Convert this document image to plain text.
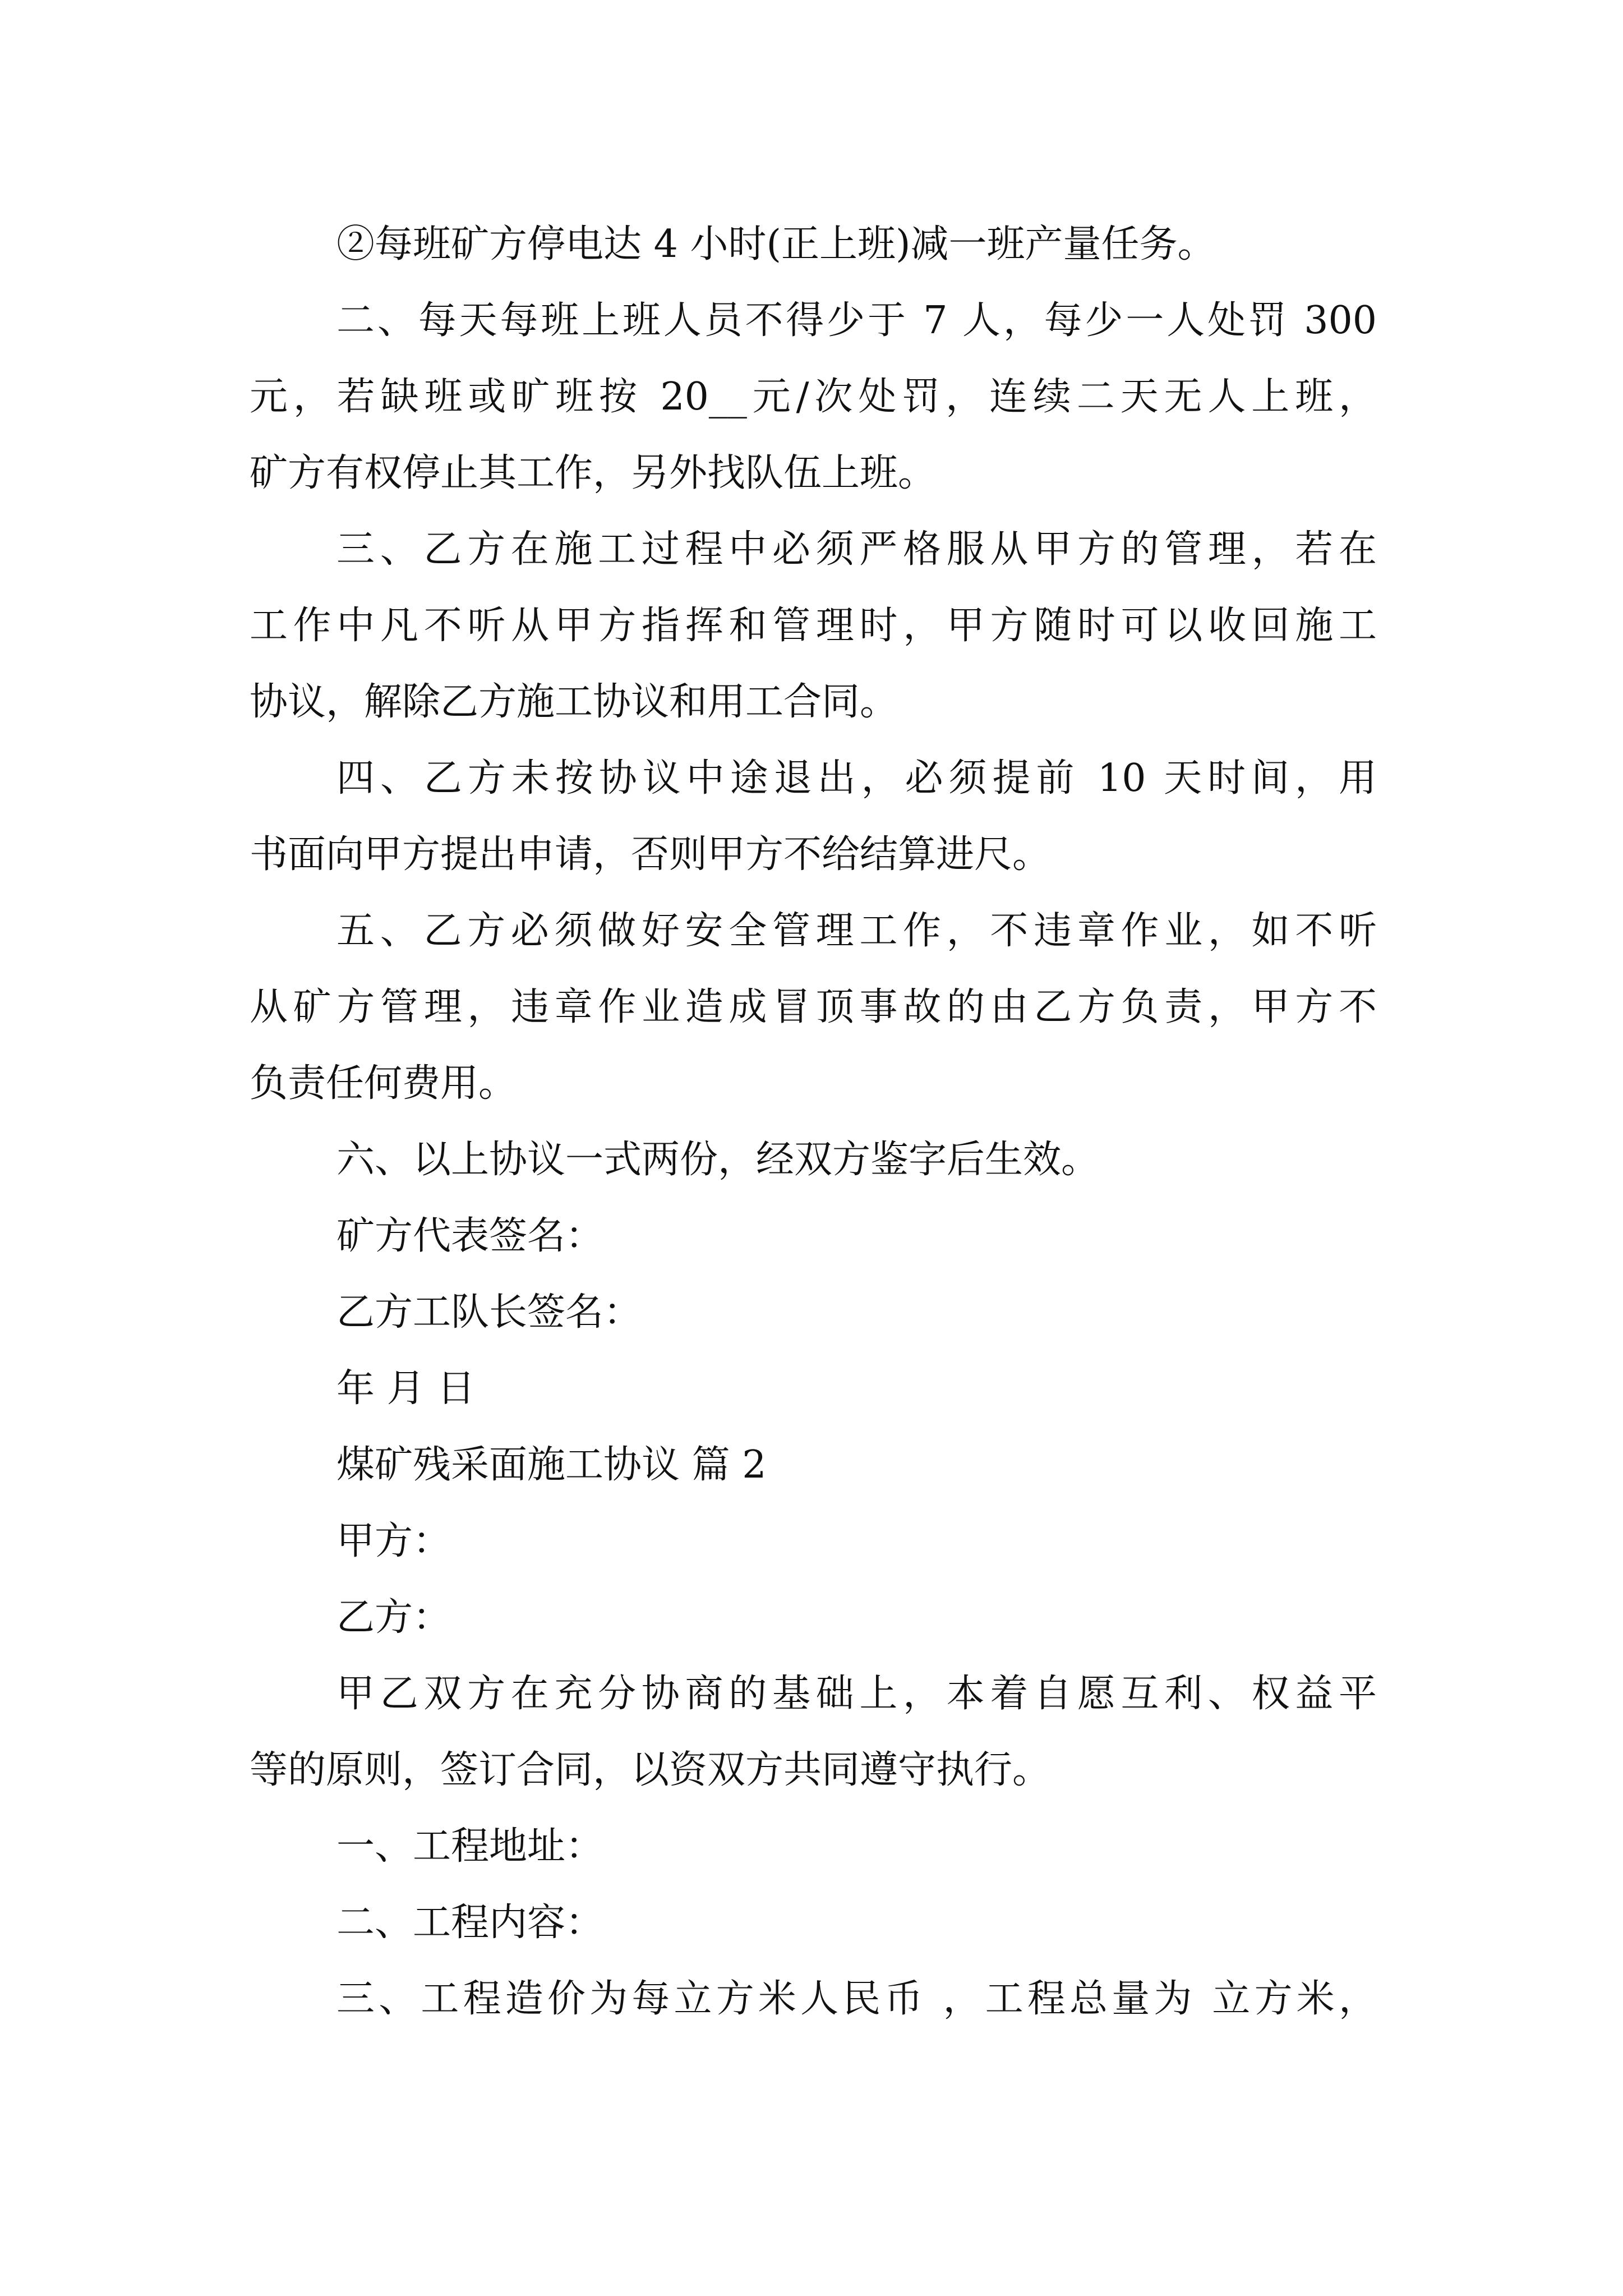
②每班矿方停电达 4 小时(正上班)减一班产量任务。

二、每天每班上班人员不得少于 7 人，每少一人处罚 300

元，若缺班或旷班按 20__元/次处罚，连续二天无人上班，

矿方有权停止其工作，另外找队伍上班。

三、乙方在施工过程中必须严格服从甲方的管理，若在

工作中凡不听从甲方指挥和管理时，甲方随时可以收回施工

协议，解除乙方施工协议和用工合同。

四、乙方未按协议中途退出，必须提前 10 天时间，用

书面向甲方提出申请，否则甲方不给结算进尺。

五、乙方必须做好安全管理工作，不违章作业，如不听

从矿方管理，违章作业造成冒顶事故的由乙方负责，甲方不

负责任何费用。

六、以上协议一式两份，经双方鉴字后生效。

矿方代表签名：

乙方工队长签名：

年 月 日

煤矿残采面施工协议 篇 2

甲方：

乙方：

甲乙双方在充分协商的基础上，本着自愿互利、权益平

等的原则，签订合同，以资双方共同遵守执行。

一、工程地址：

二、工程内容：

三、工程造价为每立方米人民币 ，工程总量为 立方米，
